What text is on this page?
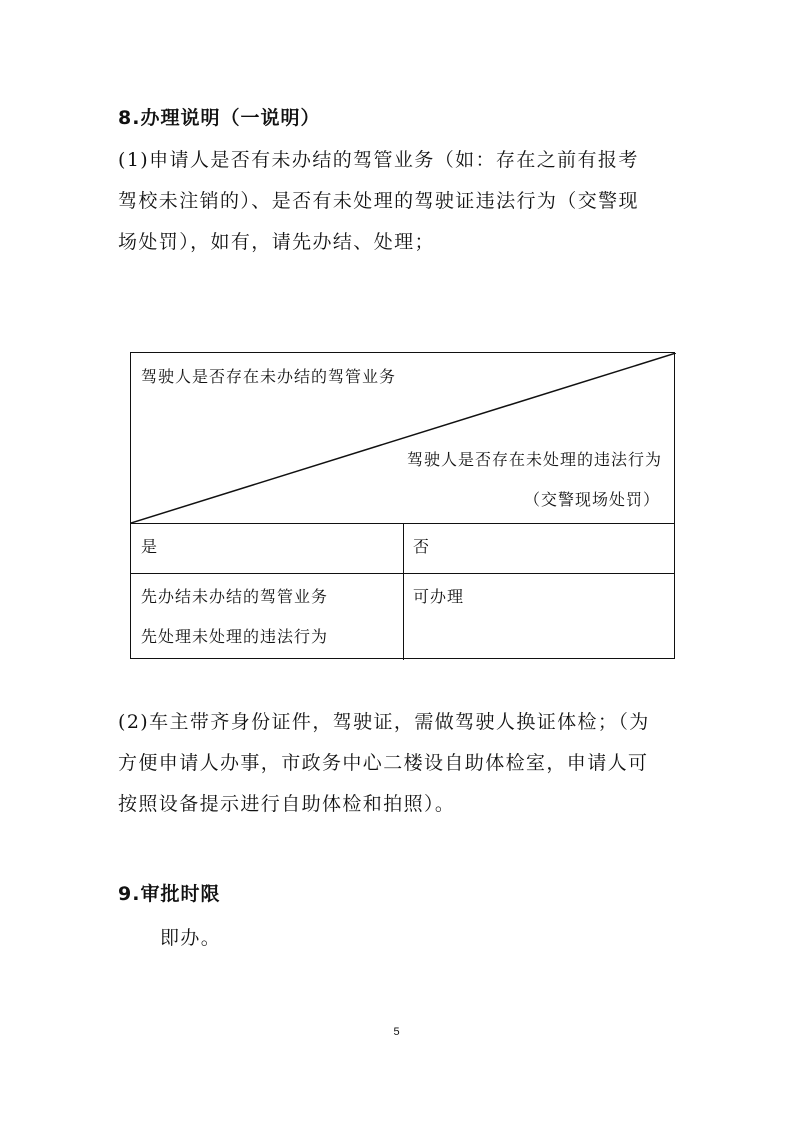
8.办理说明（一说明）

(1)申请人是否有未办结的驾管业务（如：存在之前有报考
驾校未注销的）、是否有未处理的驾驶证违法行为（交警现
场处罚），如有，请先办结、处理；

驾驶人是否存在未办结的驾管业务
驾驶人是否存在未处理的违法行为
（交警现场处罚）
是	否
先办结未办结的驾管业务
先处理未处理的违法行为
可办理

(2)车主带齐身份证件，驾驶证，需做驾驶人换证体检；（为
方便申请人办事，市政务中心二楼设自助体检室，申请人可
按照设备提示进行自助体检和拍照）。

9.审批时限

即办。

5
